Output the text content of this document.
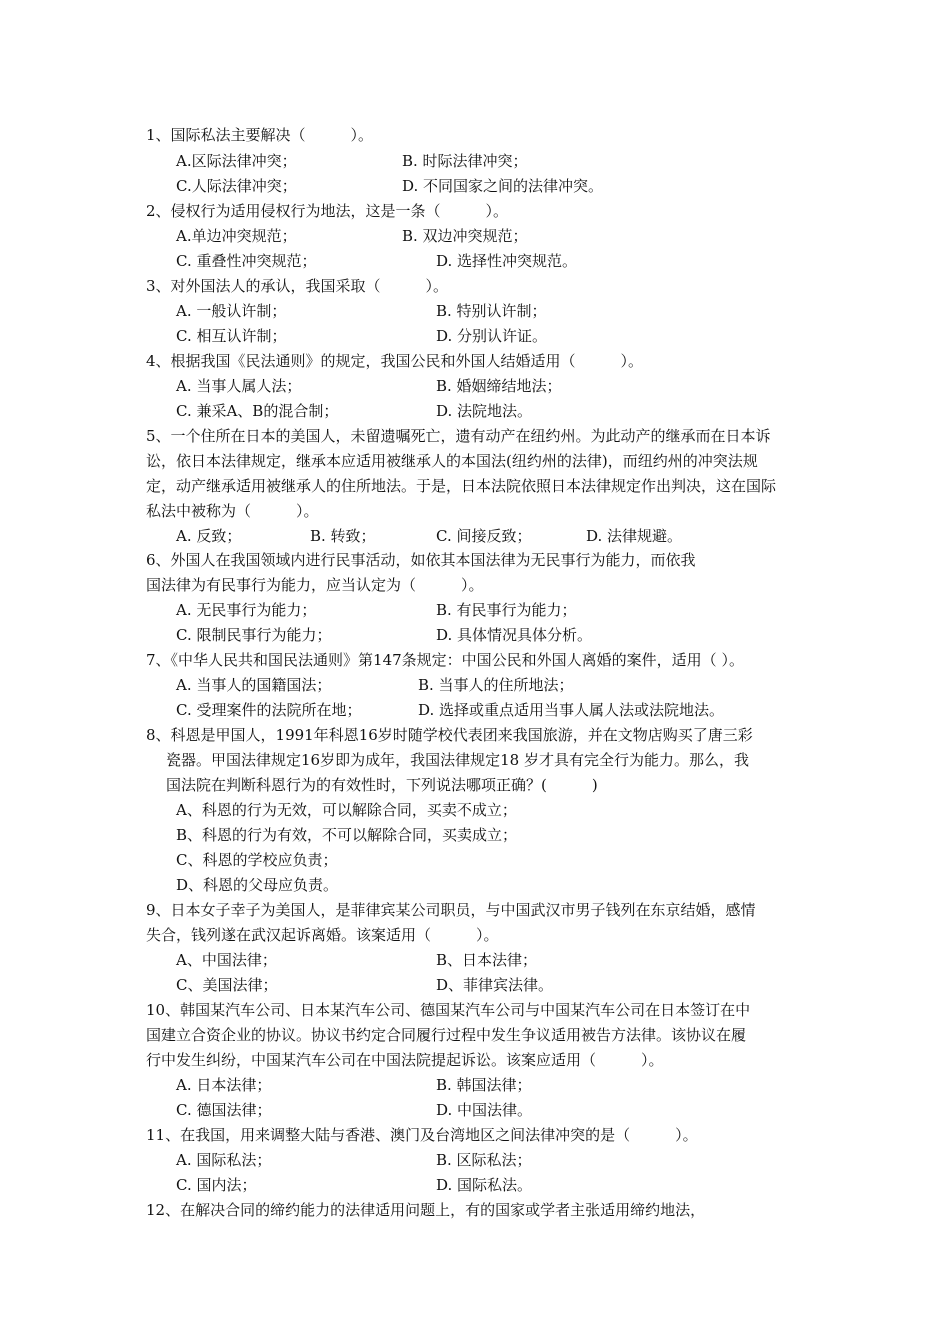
1、国际私法主要解决（　　　）。
A.区际法律冲突；	B. 时际法律冲突；
C.人际法律冲突；	D. 不同国家之间的法律冲突。
2、侵权行为适用侵权行为地法，这是一条（　　　）。
A.单边冲突规范；	B. 双边冲突规范；
C. 重叠性冲突规范；	D. 选择性冲突规范。
3、对外国法人的承认，我国采取（　　　）。
A. 一般认许制；	B. 特别认许制；
C. 相互认许制；	D. 分别认许证。
4、根据我国《民法通则》的规定，我国公民和外国人结婚适用（　　　）。
A. 当事人属人法；	B. 婚姻缔结地法；
C. 兼采A、B的混合制；	D. 法院地法。
5、一个住所在日本的美国人，未留遗嘱死亡，遗有动产在纽约州。为此动产的继承而在日本诉
讼，依日本法律规定，继承本应适用被继承人的本国法(纽约州的法律)，而纽约州的冲突法规
定，动产继承适用被继承人的住所地法。于是，日本法院依照日本法律规定作出判决，这在国际
私法中被称为（　　　）。
A. 反致；	B. 转致；	C. 间接反致；	D. 法律规避。
6、外国人在我国领域内进行民事活动，如依其本国法律为无民事行为能力，而依我
国法律为有民事行为能力，应当认定为（　　　）。
A. 无民事行为能力；	B. 有民事行为能力；
C. 限制民事行为能力；	D. 具体情况具体分析。
7、《中华人民共和国民法通则》第147条规定：中国公民和外国人离婚的案件，适用（ ）。
A. 当事人的国籍国法；	B. 当事人的住所地法；
C. 受理案件的法院所在地；	D. 选择或重点适用当事人属人法或法院地法。
8、科恩是甲国人，1991年科恩16岁时随学校代表团来我国旅游，并在文物店购买了唐三彩
瓷器。甲国法律规定16岁即为成年，我国法律规定18 岁才具有完全行为能力。那么，我
国法院在判断科恩行为的有效性时，下列说法哪项正确？(　　　)
A、科恩的行为无效，可以解除合同，买卖不成立；
B、科恩的行为有效，不可以解除合同，买卖成立；
C、科恩的学校应负责；
D、科恩的父母应负责。
9、日本女子幸子为美国人，是菲律宾某公司职员，与中国武汉市男子钱列在东京结婚，感情
失合，钱列遂在武汉起诉离婚。该案适用（　　　）。
A、中国法律；	B、日本法律；
C、美国法律；	D、菲律宾法律。
10、韩国某汽车公司、日本某汽车公司、德国某汽车公司与中国某汽车公司在日本签订在中
国建立合资企业的协议。协议书约定合同履行过程中发生争议适用被告方法律。该协议在履
行中发生纠纷，中国某汽车公司在中国法院提起诉讼。该案应适用（　　　）。
A. 日本法律；	B. 韩国法律；
C. 德国法律；	D. 中国法律。
11、在我国，用来调整大陆与香港、澳门及台湾地区之间法律冲突的是（　　　）。
A. 国际私法；	B. 区际私法；
C. 国内法；	D. 国际私法。
12、在解决合同的缔约能力的法律适用问题上，有的国家或学者主张适用缔约地法，
